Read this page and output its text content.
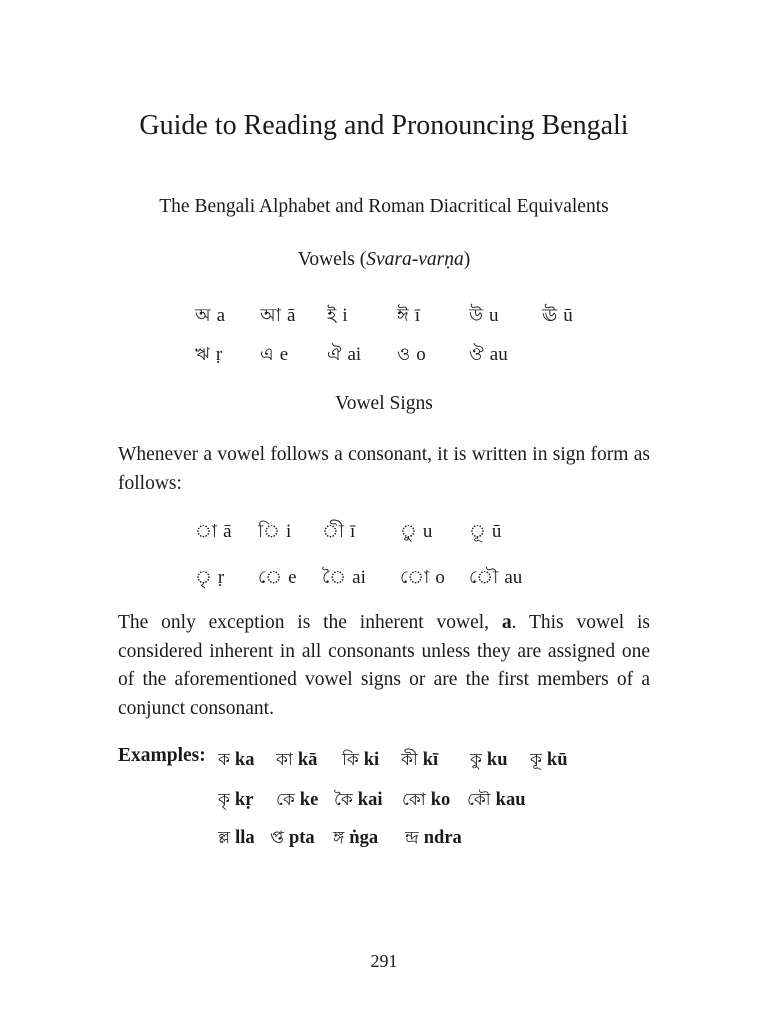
Guide to Reading and Pronouncing Bengali
The Bengali Alphabet and Roman Diacritical Equivalents
Vowels (Svara-varṇa)
অ a আ ā ই i	ঈ ī	উ u ঊ ū
ঋ ṛ এ e ঐ ai ও o ঔ au
Vowel Signs

Whenever a vowel follows a consonant, it is written in sign form as follows:

া ā ি i ী ī ু u ূ ū
ৃ ṛ ে e ৈ ai ো o ৌ au

The only exception is the inherent vowel, a. This vowel is considered inherent in all consonants unless they are assigned one of the aforementioned vowel signs or are the first members of a conjunct consonant.

Examples: ক ka কা kā কি ki কী kī কু ku কূ kū
কৃ kṛ কে ke কৈ kai কো ko কৌ kau
ল্ল lla প্ত pta ঙ্গ ṅga ন্দ্র ndra
291
